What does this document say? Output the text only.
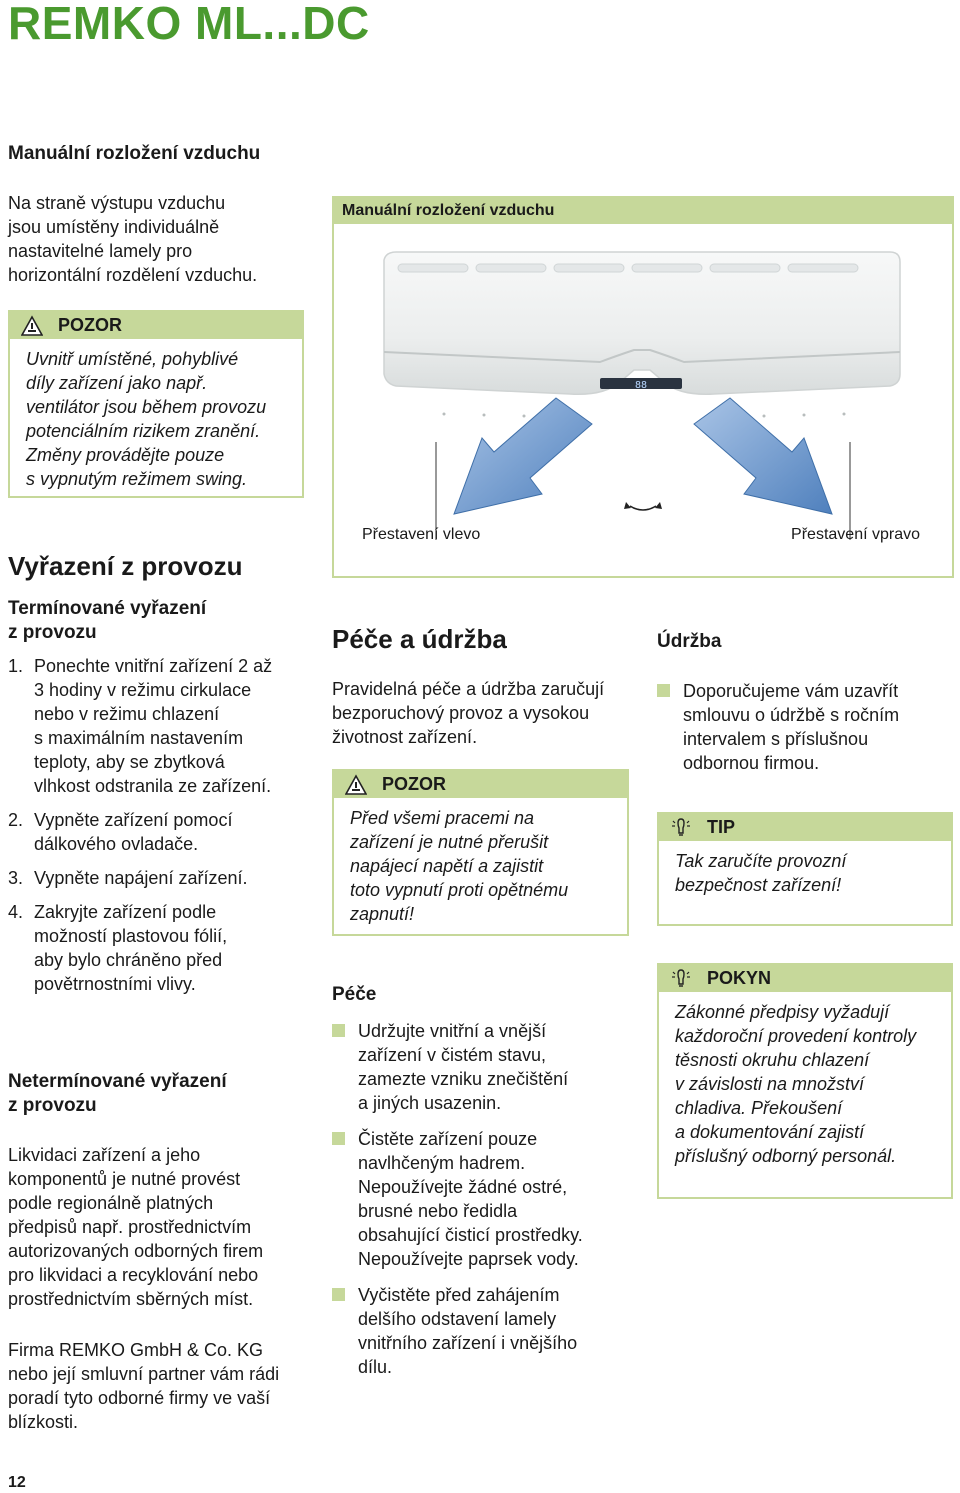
REMKO ML...DC
Manuální rozložení vzduchu
Na straně výstupu vzduchu
jsou umístěny individuálně
nastavitelné lamely pro
horizontální rozdělení vzduchu.
POZOR
Uvnitř umístěné, pohyblivé
díly zařízení jako např.
ventilátor jsou během provozu
potenciálním rizikem zranění.
Změny provádějte pouze
s vypnutým režimem swing.
Manuální rozložení vzduchu
88
Přestavení vlevo	Přestavení vpravo
Vyřazení z provozu
Termínované vyřazení
z provozu
1. Ponechte vnitřní zařízení 2 až
3 hodiny v režimu cirkulace
nebo v režimu chlazení
s maximálním nastavením
teploty, aby se zbytková
vlhkost odstranila ze zařízení.
2. Vypněte zařízení pomocí
dálkového ovladače.
3. Vypněte napájení zařízení.
4. Zakryjte zařízení podle
možností plastovou fólií,
aby bylo chráněno před
povětrnostními vlivy.
Netermínované vyřazení
z provozu
Likvidaci zařízení a jeho
komponentů je nutné provést
podle regionálně platných
předpisů např. prostřednictvím
autorizovaných odborných firem
pro likvidaci a recyklování nebo
prostřednictvím sběrných míst.
Firma REMKO GmbH & Co. KG
nebo její smluvní partner vám rádi
poradí tyto odborné firmy ve vaší
blízkosti.
Péče a údržba
Pravidelná péče a údržba zaručují
bezporuchový provoz a vysokou
životnost zařízení.
POZOR
Před všemi pracemi na
zařízení je nutné přerušit
napájecí napětí a zajistit
toto vypnutí proti opětnému
zapnutí!
Péče
Udržujte vnitřní a vnější
zařízení v čistém stavu,
zamezte vzniku znečištění
a jiných usazenin.
Čistěte zařízení pouze
navlhčeným hadrem.
Nepoužívejte žádné ostré,
brusné nebo ředidla
obsahující čisticí prostředky.
Nepoužívejte paprsek vody.
Vyčistěte před zahájením
delšího odstavení lamely
vnitřního zařízení i vnějšího
dílu.
Údržba
Doporučujeme vám uzavřít
smlouvu o údržbě s ročním
intervalem s příslušnou
odbornou firmou.
TIP
Tak zaručíte provozní
bezpečnost zařízení!
POKYN
Zákonné předpisy vyžadují
každoroční provedení kontroly
těsnosti okruhu chlazení
v závislosti na množství
chladiva. Překoušení
a dokumentování zajistí
příslušný odborný personál.
12
